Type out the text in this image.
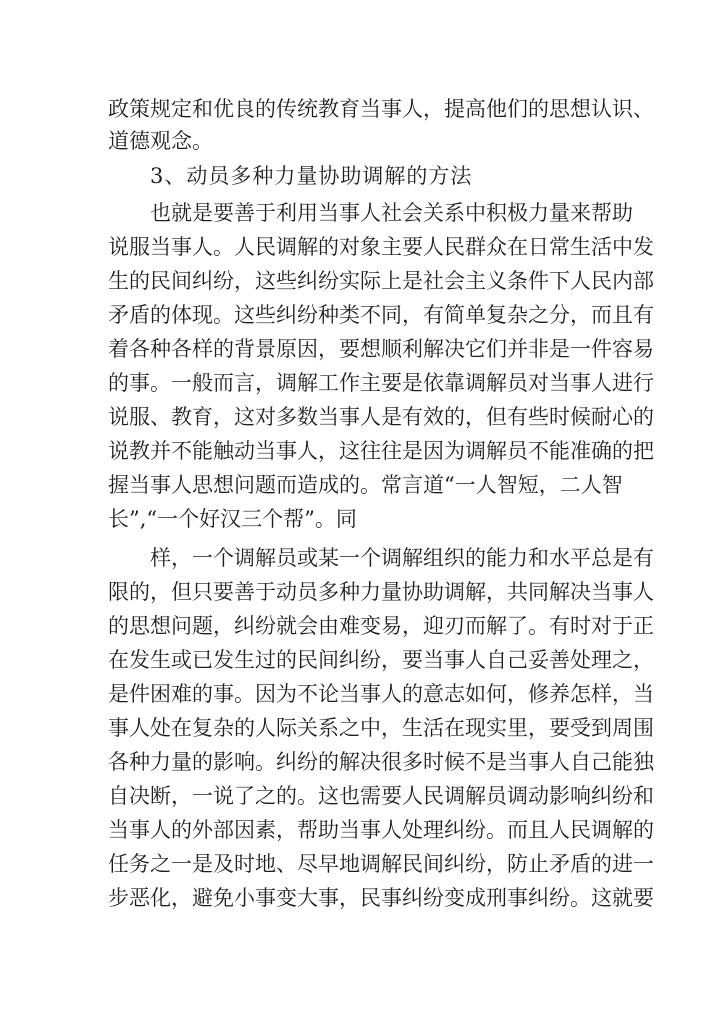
政策规定和优良的传统教育当事人，提高他们的思想认识、
道德观念。
3、动员多种力量协助调解的方法
也就是要善于利用当事人社会关系中积极力量来帮助
说服当事人。人民调解的对象主要人民群众在日常生活中发
生的民间纠纷，这些纠纷实际上是社会主义条件下人民内部
矛盾的体现。这些纠纷种类不同，有简单复杂之分，而且有
着各种各样的背景原因，要想顺利解决它们并非是一件容易
的事。一般而言，调解工作主要是依靠调解员对当事人进行
说服、教育，这对多数当事人是有效的，但有些时候耐心的
说教并不能触动当事人，这往往是因为调解员不能准确的把
握当事人思想问题而造成的。常言道“一人智短，二人智
长”,“一个好汉三个帮”。同
样，一个调解员或某一个调解组织的能力和水平总是有
限的，但只要善于动员多种力量协助调解，共同解决当事人
的思想问题，纠纷就会由难变易，迎刃而解了。有时对于正
在发生或已发生过的民间纠纷，要当事人自己妥善处理之，
是件困难的事。因为不论当事人的意志如何，修养怎样，当
事人处在复杂的人际关系之中，生活在现实里，要受到周围
各种力量的影响。纠纷的解决很多时候不是当事人自己能独
自决断，一说了之的。这也需要人民调解员调动影响纠纷和
当事人的外部因素，帮助当事人处理纠纷。而且人民调解的
任务之一是及时地、尽早地调解民间纠纷，防止矛盾的进一
步恶化，避免小事变大事，民事纠纷变成刑事纠纷。这就要
